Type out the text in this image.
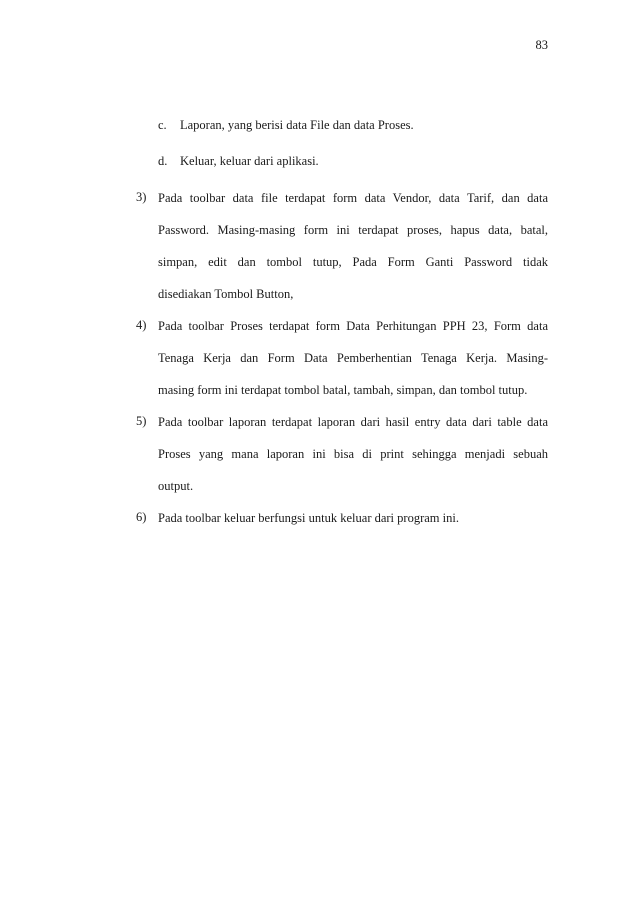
83
c.	Laporan, yang berisi data File dan data Proses.
d.	Keluar, keluar dari aplikasi.
3) Pada toolbar data file terdapat form data Vendor, data Tarif, dan data
Password. Masing-masing form ini terdapat proses, hapus data, batal,
simpan, edit dan tombol tutup, Pada Form Ganti Password tidak
disediakan Tombol Button,
4) Pada toolbar Proses terdapat form Data Perhitungan PPH 23, Form data
Tenaga Kerja dan Form Data Pemberhentian Tenaga Kerja. Masing-
masing form ini terdapat tombol batal, tambah, simpan, dan tombol tutup.
5) Pada toolbar laporan terdapat laporan dari hasil entry data dari table data
Proses yang mana laporan ini bisa di print sehingga menjadi sebuah
output.
6) Pada toolbar keluar berfungsi untuk keluar dari program ini.
